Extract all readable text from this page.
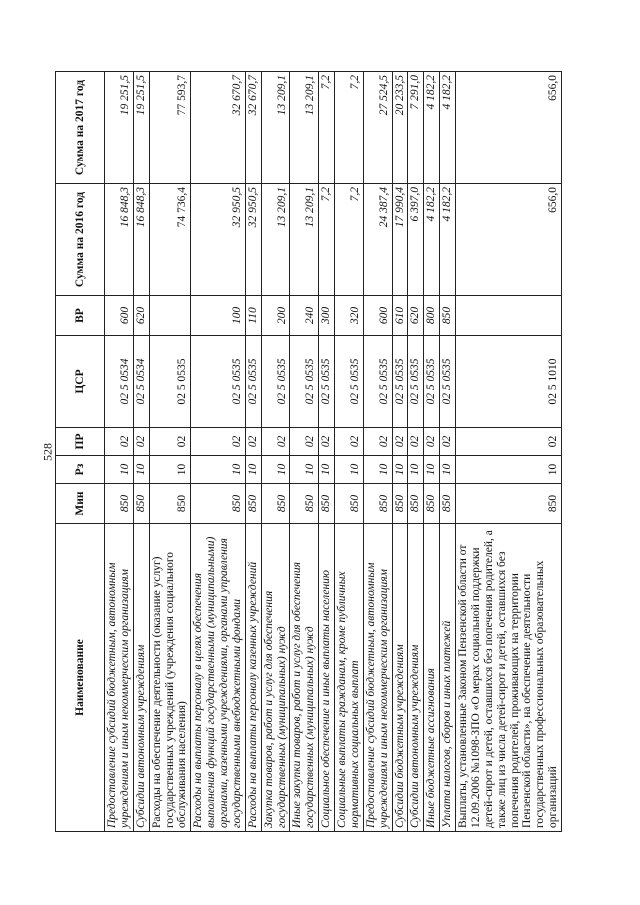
528
Наименование	Мин	Рз	ПР	ЦСР	ВР	Сумма на 2016 год	Сумма на 2017 год
Предоставление субсидий бюджетным, автономным учреждениям и иным некоммерческим организациям	850	10	02	02 5 0534	600	16 848,3	19 251,5
Субсидии автономным учреждениям	850	10	02	02 5 0534	620	16 848,3	19 251,5
Расходы на обеспечение деятельности (оказание услуг) государственных учреждений (учреждения социального обслуживания населения)	850	10	02	02 5 0535		74 736,4	77 593,7
Расходы на выплаты персоналу в целях обеспечения выполнения функций государственными (муниципальными) органами, казенными учреждениями, органами управления государственными внебюджетными фондами	850	10	02	02 5 0535	100	32 950,5	32 670,7
Расходы на выплаты персоналу казенных учреждений	850	10	02	02 5 0535	110	32 950,5	32 670,7
Закупка товаров, работ и услуг для обеспечения государственных (муниципальных) нужд	850	10	02	02 5 0535	200	13 209,1	13 209,1
Иные закупки товаров, работ и услуг для обеспечения государственных (муниципальных) нужд	850	10	02	02 5 0535	240	13 209,1	13 209,1
Социальное обеспечение и иные выплаты населению	850	10	02	02 5 0535	300	7,2	7,2
Социальные выплаты гражданам, кроме публичных нормативных социальных выплат	850	10	02	02 5 0535	320	7,2	7,2
Предоставление субсидий бюджетным, автономным учреждениям и иным некоммерческим организациям	850	10	02	02 5 0535	600	24 387,4	27 524,5
Субсидии бюджетным учреждениям	850	10	02	02 5 0535	610	17 990,4	20 233,5
Субсидии автономным учреждениям	850	10	02	02 5 0535	620	6 397,0	7 291,0
Иные бюджетные ассигнования	850	10	02	02 5 0535	800	4 182,2	4 182,2
Уплата налогов, сборов и иных платежей	850	10	02	02 5 0535	850	4 182,2	4 182,2
Выплаты, установленные Законом Пензенской области от 12.09.2006 №1098-ЗПО «О мерах социальной поддержки детей-сирот и детей, оставшихся без попечения родителей, а также лиц из числа детей-сирот и детей, оставшихся без попечения родителей, проживающих на территории Пензенской области», на обеспечение деятельности государственных профессиональных образовательных организаций	850	10	02	02 5 1010		656,0	656,0
